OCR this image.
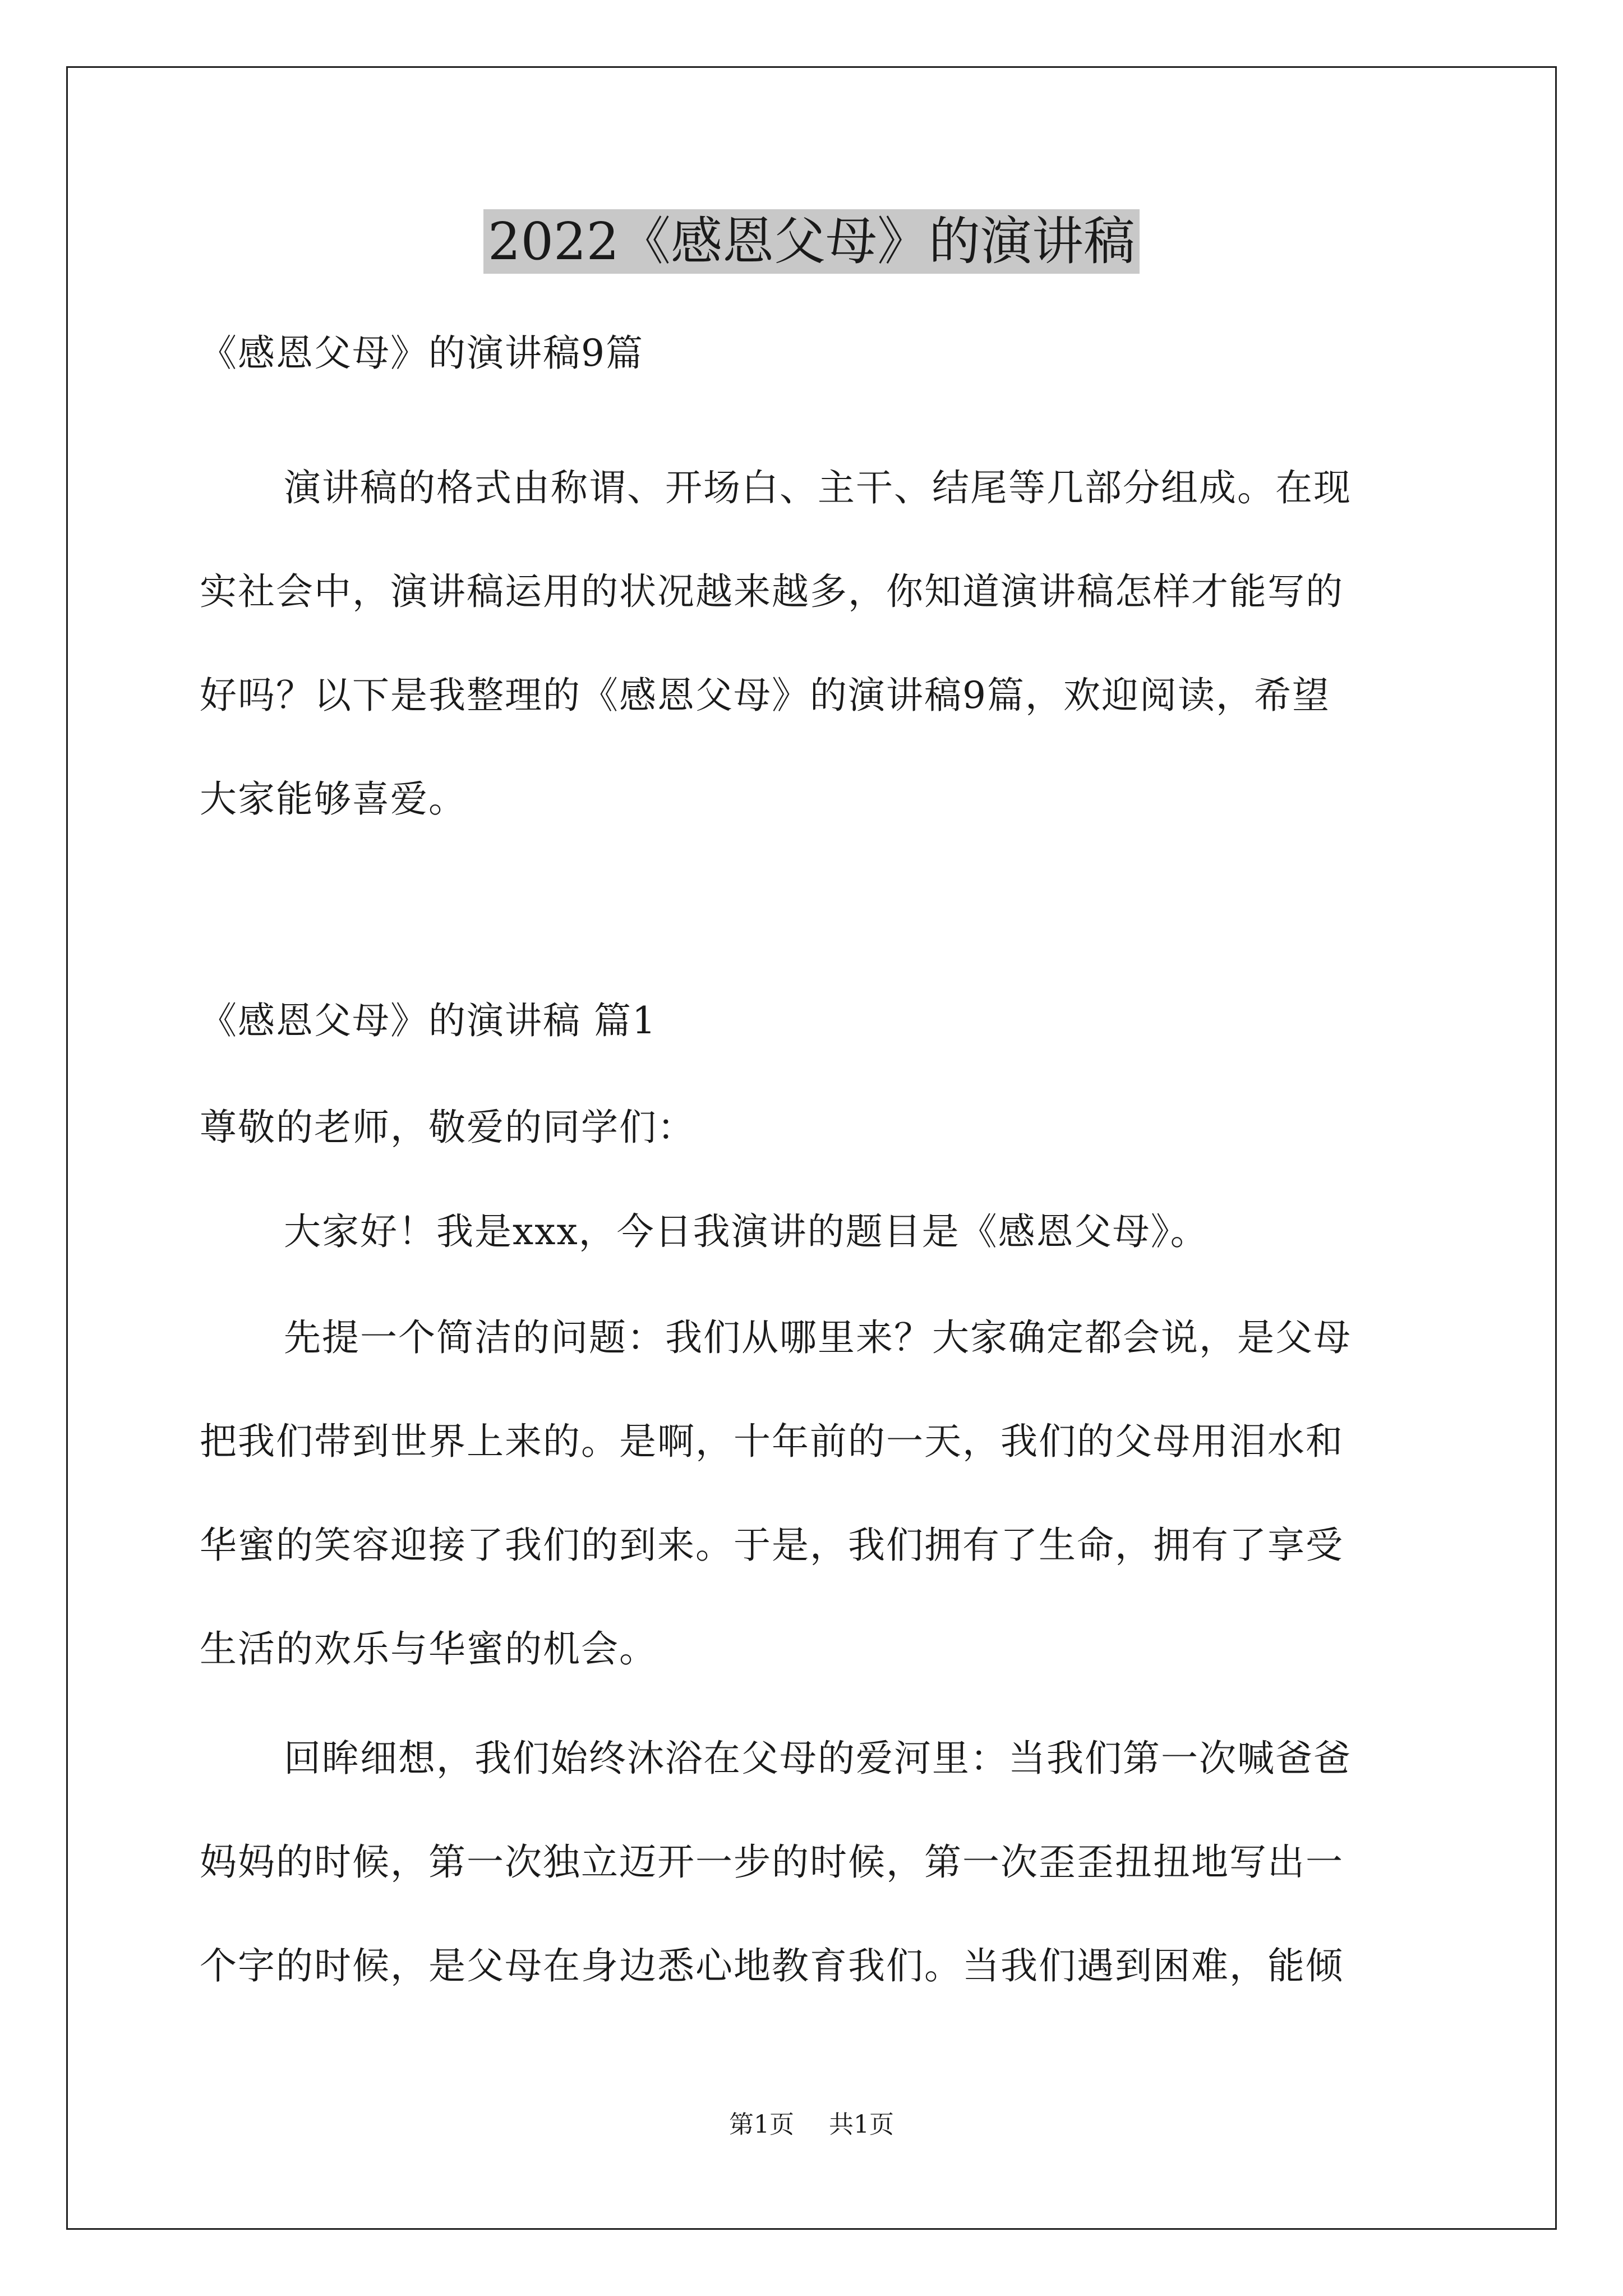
2022《感恩父母》的演讲稿
《感恩父母》的演讲稿9篇
演讲稿的格式由称谓、开场白、主干、结尾等几部分组成。在现
实社会中，演讲稿运用的状况越来越多，你知道演讲稿怎样才能写的
好吗？以下是我整理的《感恩父母》的演讲稿9篇，欢迎阅读，希望
大家能够喜爱。
《感恩父母》的演讲稿 篇1
尊敬的老师，敬爱的同学们：
大家好！我是xxx，今日我演讲的题目是《感恩父母》。
先提一个简洁的问题：我们从哪里来？大家确定都会说，是父母
把我们带到世界上来的。是啊，十年前的一天，我们的父母用泪水和
华蜜的笑容迎接了我们的到来。于是，我们拥有了生命，拥有了享受
生活的欢乐与华蜜的机会。
回眸细想，我们始终沐浴在父母的爱河里：当我们第一次喊爸爸
妈妈的时候，第一次独立迈开一步的时候，第一次歪歪扭扭地写出一
个字的时候，是父母在身边悉心地教育我们。当我们遇到困难，能倾
第1页 共1页
